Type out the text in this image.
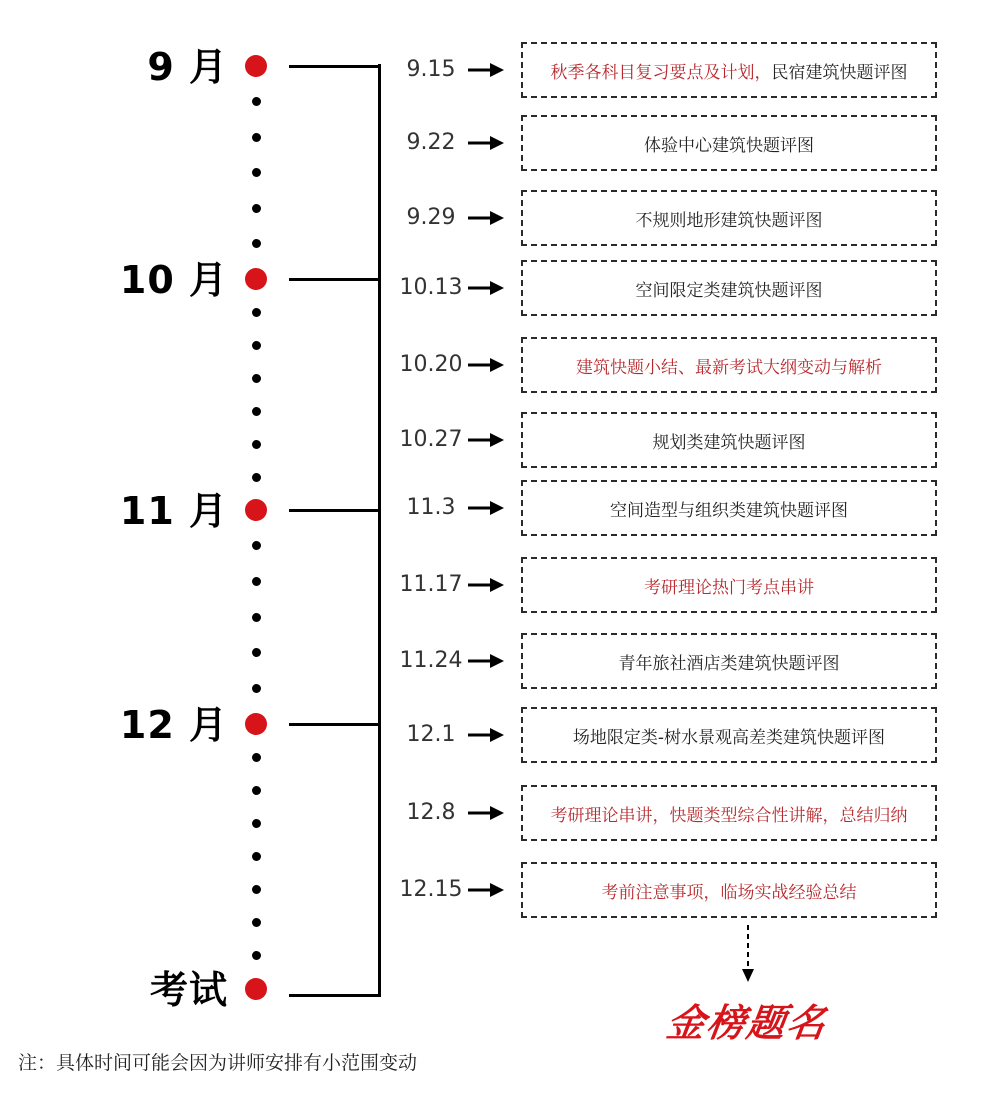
9 月
10 月
11 月
12 月
考试
9.15	秋季各科目复习要点及计划， 民宿建筑快题评图
9.22	体验中心建筑快题评图
9.29	不规则地形建筑快题评图
10.13	空间限定类建筑快题评图
10.20	建筑快题小结、最新考试大纲变动与解析
10.27	规划类建筑快题评图
11.3	空间造型与组织类建筑快题评图
11.17	考研理论热门考点串讲
11.24	青年旅社酒店类建筑快题评图
12.1	场地限定类-树水景观高差类建筑快题评图
12.8	考研理论串讲，快题类型综合性讲解，总结归纳
12.15	考前注意事项，临场实战经验总结
金榜题名
注：具体时间可能会因为讲师安排有小范围变动
